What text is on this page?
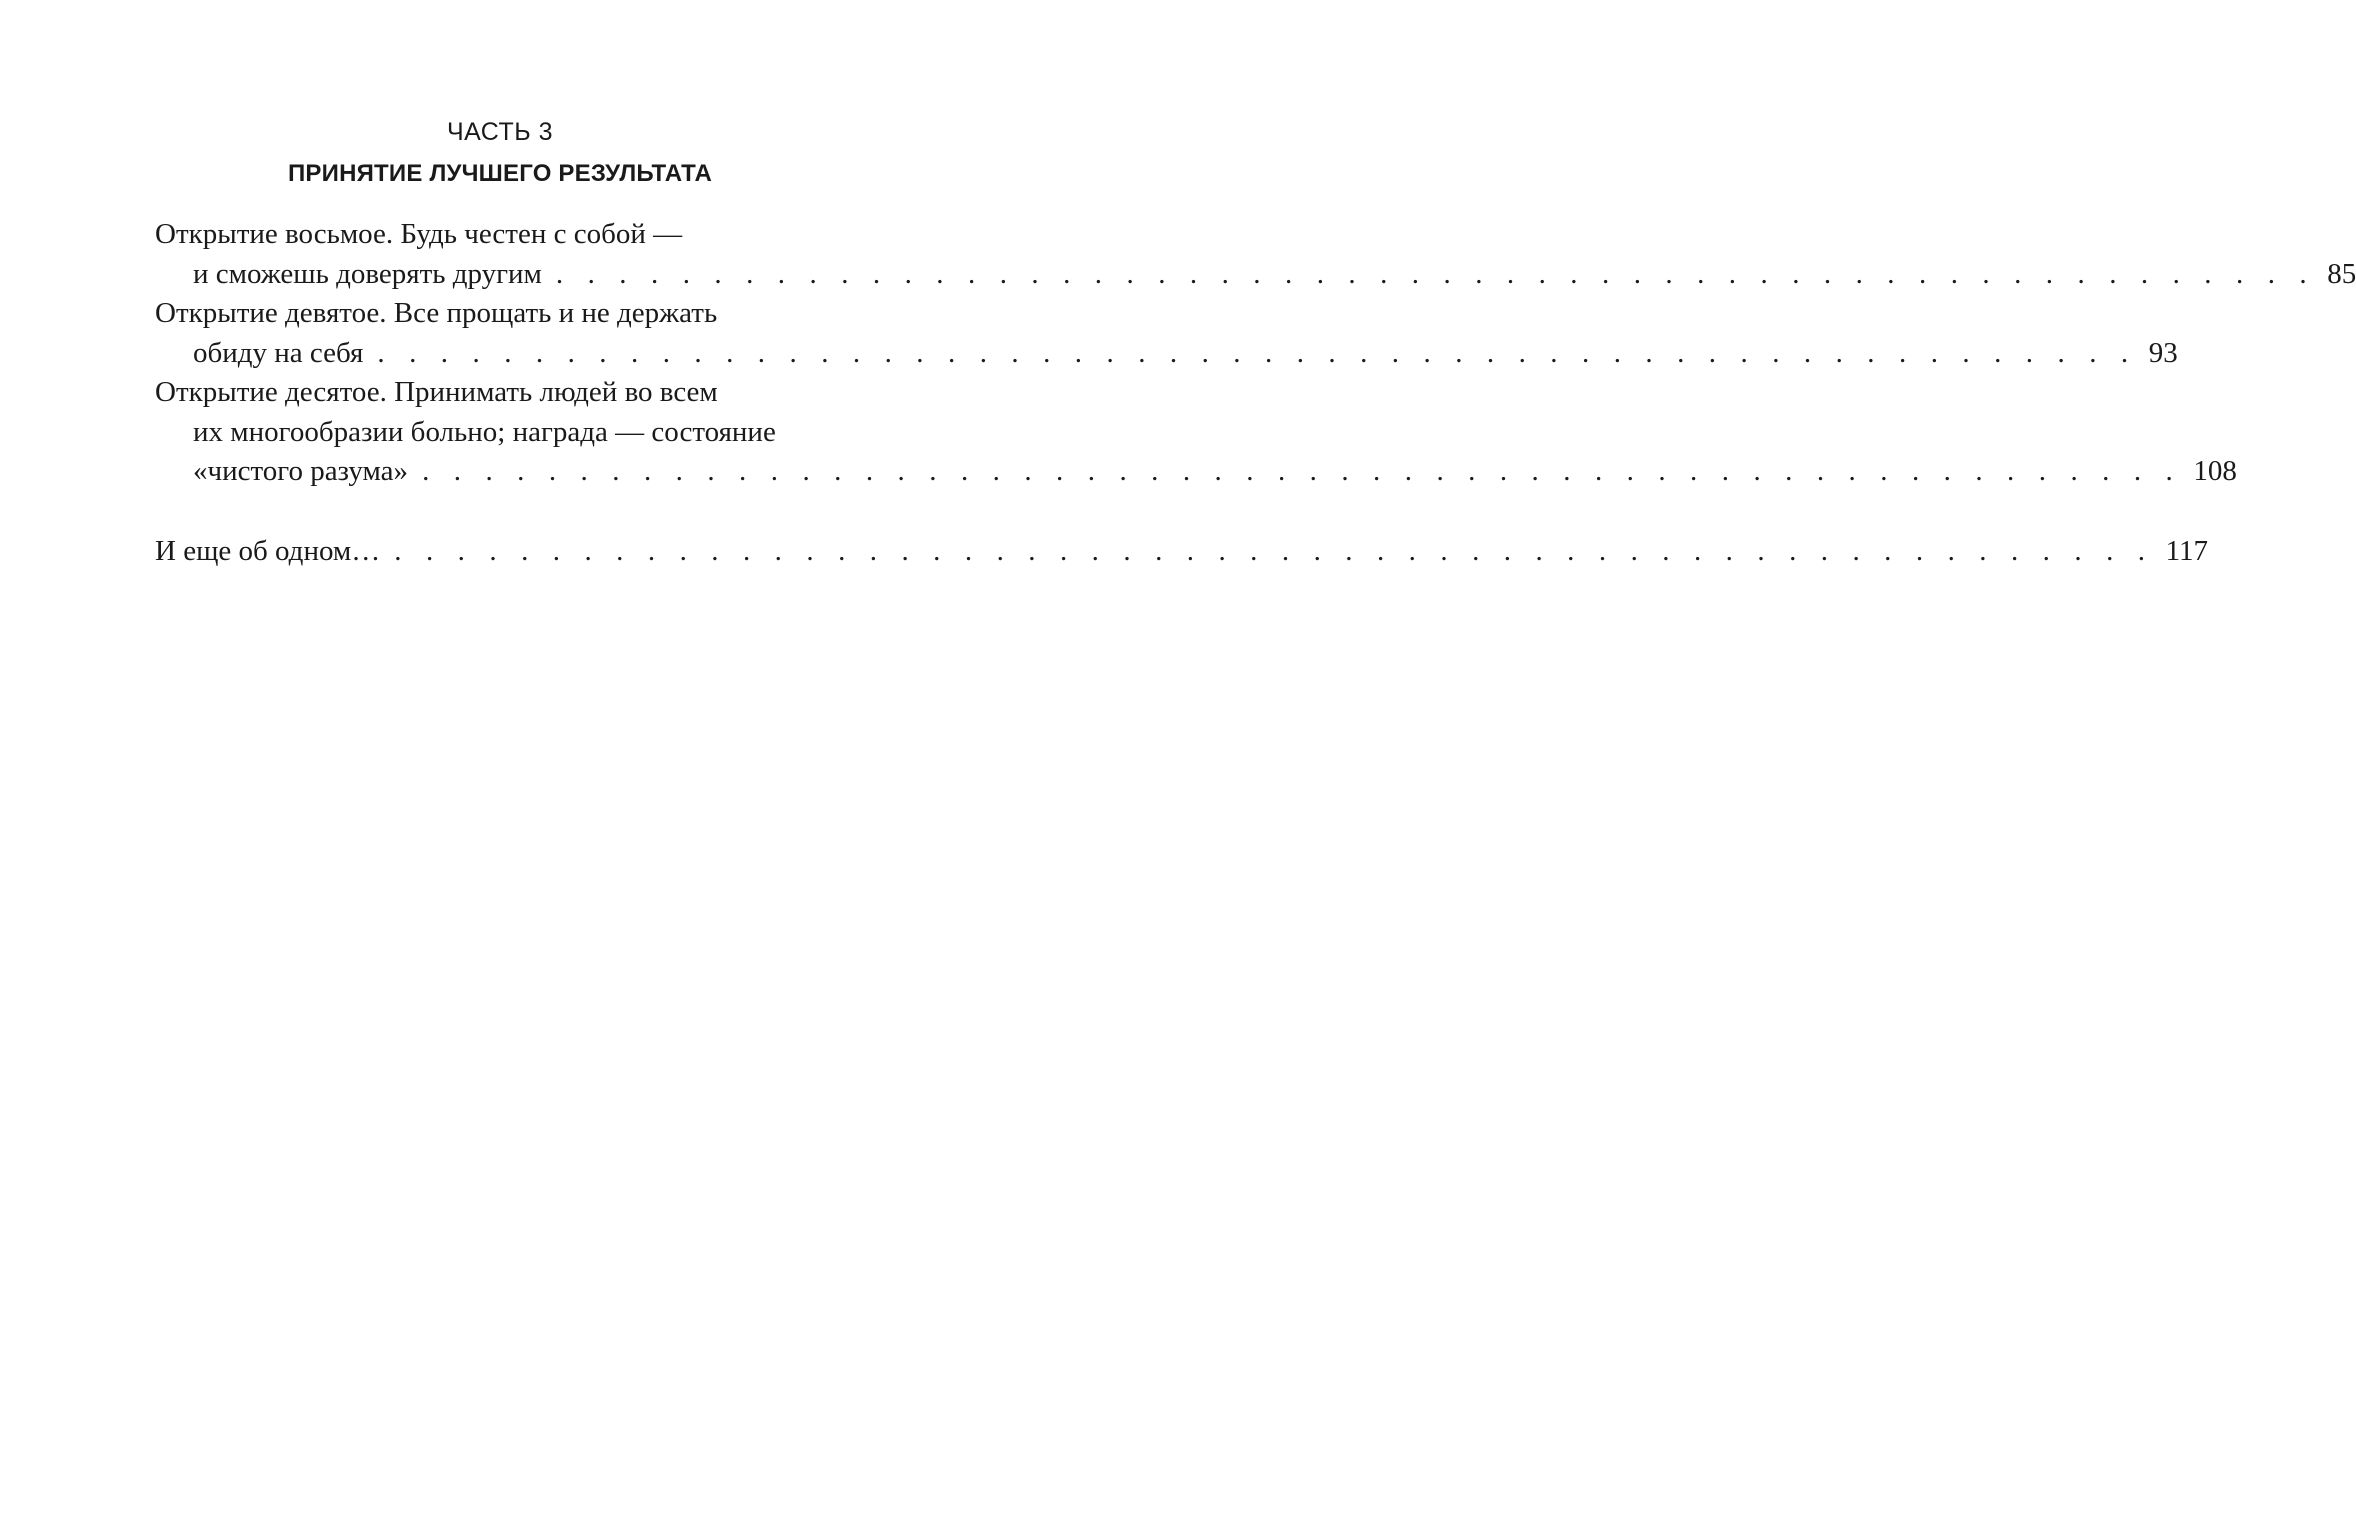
ЧАСТЬ 3
ПРИНЯТИЕ ЛУЧШЕГО РЕЗУЛЬТАТА
Открытие восьмое. Будь честен с собой —
и сможешь доверять другим . . . . . . . . . . . . . . . . . . . . . . . . . . . . . . . . . . . . . . . . . . . . . . . . . . . . . . . . 85
Открытие девятое. Все прощать и не держать
обиду на себя . . . . . . . . . . . . . . . . . . . . . . . . . . . . . . . . . . . . . . . . . . . . . . . . . . . . . . . . 93
Открытие десятое. Принимать людей во всем
их многообразии больно; награда — состояние
«чистого разума» . . . . . . . . . . . . . . . . . . . . . . . . . . . . . . . . . . . . . . . . . . . . . . . . . . . . . . . . 108
И еще об одном… . . . . . . . . . . . . . . . . . . . . . . . . . . . . . . . . . . . . . . . . . . . . . . . . . . . . . . . . 117
